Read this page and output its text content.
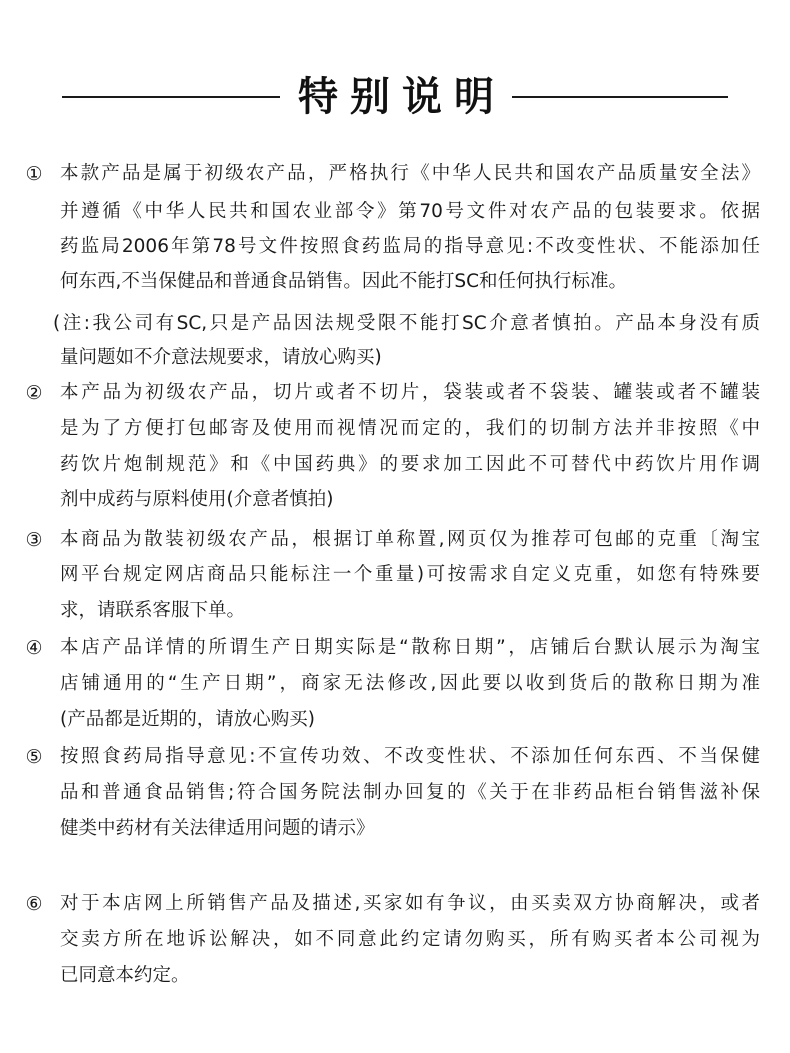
特别说明
① 本款产品是属于初级农产品，严格执行《中华人民共和国农产品质量安全法》
并遵循《中华人民共和国农业部令》第70号文件对农产品的包装要求。依据
药监局2006年第78号文件按照食药监局的指导意见:不改变性状、不能添加任
何东西,不当保健品和普通食品销售。因此不能打SC和任何执行标准。
(注:我公司有SC,只是产品因法规受限不能打SC介意者慎拍。产品本身没有质
量问题如不介意法规要求，请放心购买)
② 本产品为初级农产品，切片或者不切片，袋装或者不袋装、罐装或者不罐装
是为了方便打包邮寄及使用而视情况而定的，我们的切制方法并非按照《中
药饮片炮制规范》和《中国药典》的要求加工因此不可替代中药饮片用作调
剂中成药与原料使用(介意者慎拍)
③ 本商品为散装初级农产品，根据订单称置,网页仅为推荐可包邮的克重〔淘宝
网平台规定网店商品只能标注一个重量)可按需求自定义克重，如您有特殊要
求，请联系客服下单。
④ 本店产品详情的所谓生产日期实际是“散称日期”，店铺后台默认展示为淘宝
店铺通用的“生产日期”，商家无法修改,因此要以收到货后的散称日期为准
(产品都是近期的，请放心购买)
⑤ 按照食药局指导意见:不宣传功效、不改变性状、不添加任何东西、不当保健
品和普通食品销售;符合国务院法制办回复的《关于在非药品柜台销售滋补保
健类中药材有关法律适用问题的请示》
⑥ 对于本店网上所销售产品及描述,买家如有争议，由买卖双方协商解决，或者
交卖方所在地诉讼解决，如不同意此约定请勿购买，所有购买者本公司视为
已同意本约定。
